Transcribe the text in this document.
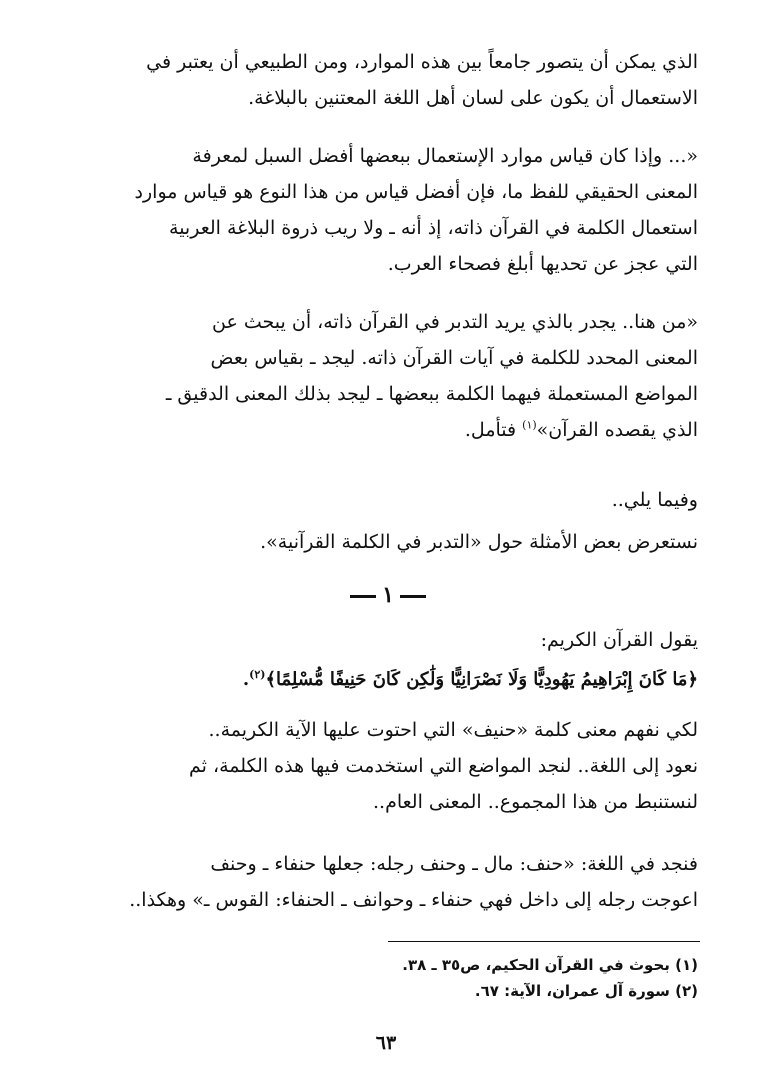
الذي يمكن أن يتصور جامعاً بين هذه الموارد، ومن الطبيعي أن يعتبر في
الاستعمال أن يكون على لسان أهل اللغة المعتنين بالبلاغة.
«... وإذا كان قياس موارد الإستعمال ببعضها أفضل السبل لمعرفة
المعنى الحقيقي للفظ ما، فإن أفضل قياس من هذا النوع هو قياس موارد
استعمال الكلمة في القرآن ذاته، إذ أنه ـ ولا ريب ذروة البلاغة العربية
التي عجز عن تحديها أبلغ فصحاء العرب.
«من هنا.. يجدر بالذي يريد التدبر في القرآن ذاته، أن يبحث عن
المعنى المحدد للكلمة في آيات القرآن ذاته. ليجد ـ بقياس بعض
المواضع المستعملة فيهما الكلمة ببعضها ـ ليجد بذلك المعنى الدقيق ـ
الذي يقصده القرآن»$^{(١)}$ فتأمل.
وفيما يلي..
نستعرض بعض الأمثلة حول «التدبر في الكلمة القرآنية».
١
يقول القرآن الكريم:
﴿مَا كَانَ إِبْرَاهِيمُ يَهُودِيًّا وَلَا نَصْرَانِيًّا وَلَٰكِن كَانَ حَنِيفًا مُّسْلِمًا﴾$^{(٢)}$.
لكي نفهم معنى كلمة «حنيف» التي احتوت عليها الآية الكريمة..
نعود إلى اللغة.. لنجد المواضع التي استخدمت فيها هذه الكلمة، ثم
لنستنبط من هذا المجموع.. المعنى العام..
فنجد في اللغة: «حنف: مال ـ وحنف رجله: جعلها حنفاء ـ وحنف
اعوجت رجله إلى داخل فهي حنفاء ـ وحوانف ـ الحنفاء: القوس ـ» وهكذا..
(١) بحوث في القرآن الحكيم، ص٣٥ ـ ٣٨.
(٢) سورة آل عمران، الآية: ٦٧.
٦٣
